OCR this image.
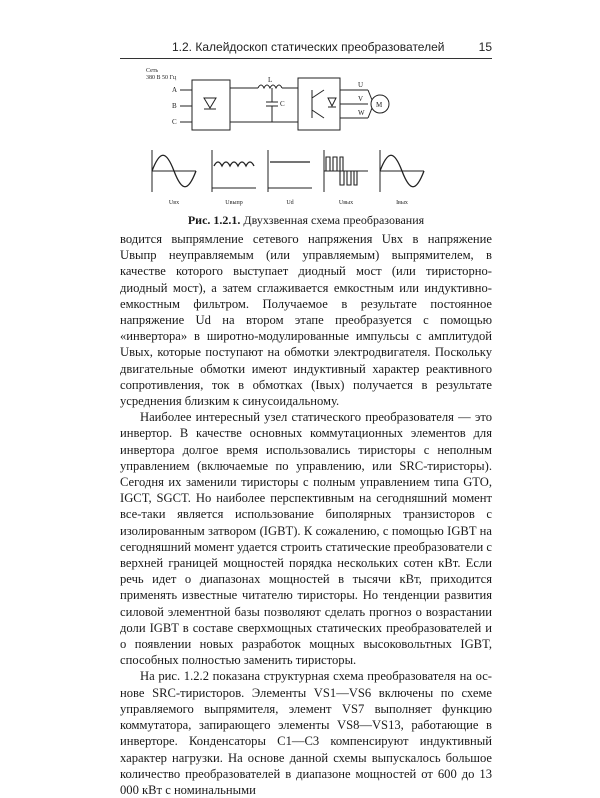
1.2. Калейдоскоп статических преобразователей	15
Сеть
380 В 50 Гц
A
B
C
U
V
W
L
C	M
Uвх	Uвыпр	Ud	Uвых	Iвых
Рис. 1.2.1. Двухзвенная схема преобразования

водится выпрямление сетевого напряжения Uвх в напряжение Uвыпр неуправляемым (или управляемым) выпрямителем, в качестве которого выступает диодный мост (или тиристорно-диодный мост), а затем сглаживается емкостным или индуктивно-емкостным фильтром. Получаемое в результате постоянное напряжение Ud на втором этапе преобразуется с помощью «инвертора» в широтно-модулированные импульсы с амплитудой Uвых, которые поступают на обмотки электродвигателя. Поскольку двигательные обмотки имеют индуктивный характер реактивного сопротивления, ток в обмотках (Iвых) получается в результате усреднения близким к синусоидальному.

Наиболее интересный узел статического преобразователя — это инвертор. В качестве основных коммутационных элементов для инвертора долгое время использовались тиристоры с неполным управлением (включаемые по управлению, или SRC-тиристоры). Сегодня их заменили тиристоры с полным управлением типа GTO, IGCT, SGCT. Но наиболее перспективным на сегодняшний момент все-таки является использование биполярных транзисторов с изолированным затвором (IGBT). К сожалению, с помощью IGBT на сегодняшний момент удается строить статические преобразователи с верхней границей мощностей порядка нескольких сотен кВт. Если речь идет о диапазонах мощностей в тысячи кВт, приходится применять известные читателю тиристоры. Но тенденции развития силовой элементной базы позволяют сделать прогноз о возрастании доли IGBT в составе сверхмощных статических преобразователей и о появлении новых разработок мощных высоковольтных IGBT, способных полностью заменить тиристоры.

На рис. 1.2.2 показана структурная схема преобразователя на основе SRC-тиристоров. Элементы VS1—VS6 включены по схеме управляемого выпрямителя, элемент VS7 выполняет функцию коммутатора, запирающего элементы VS8—VS13, работающие в инверторе. Конденсаторы С1—С3 компенсируют индуктивный характер нагрузки. На основе данной схемы выпускалось большое количество преобразователей в диапазоне мощностей от 600 до 13 000 кВт с номинальными
